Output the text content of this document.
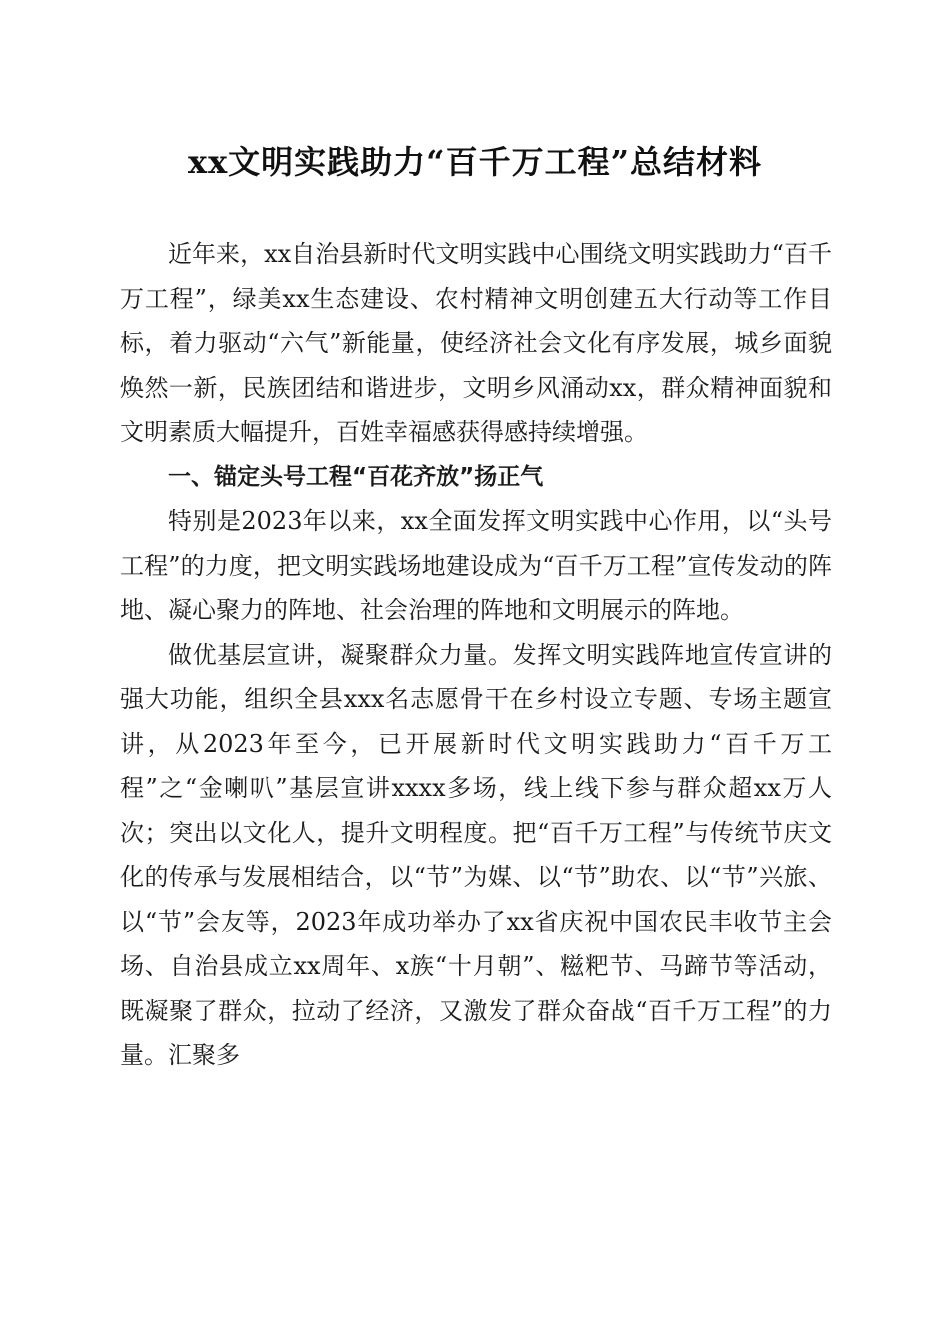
xx文明实践助力“百千万工程”总结材料

近年来，xx自治县新时代文明实践中心围绕文明实践助力“百千万工程”，绿美xx生态建设、农村精神文明创建五大行动等工作目标，着力驱动“六气”新能量，使经济社会文化有序发展，城乡面貌焕然一新，民族团结和谐进步，文明乡风涌动xx，群众精神面貌和文明素质大幅提升，百姓幸福感获得感持续增强。

一、锚定头号工程“百花齐放”扬正气

特别是2023年以来，xx全面发挥文明实践中心作用，以“头号工程”的力度，把文明实践场地建设成为“百千万工程”宣传发动的阵地、凝心聚力的阵地、社会治理的阵地和文明展示的阵地。

做优基层宣讲，凝聚群众力量。发挥文明实践阵地宣传宣讲的强大功能，组织全县xxx名志愿骨干在乡村设立专题、专场主题宣讲，从2023年至今，已开展新时代文明实践助力“百千万工程”之“金喇叭”基层宣讲xxxx多场，线上线下参与群众超xx万人次；突出以文化人，提升文明程度。把“百千万工程”与传统节庆文化的传承与发展相结合，以“节”为媒、以“节”助农、以“节”兴旅、以“节”会友等，2023年成功举办了xx省庆祝中国农民丰收节主会场、自治县成立xx周年、x族“十月朝”、糍粑节、马蹄节等活动，既凝聚了群众，拉动了经济，又激发了群众奋战“百千万工程”的力量。汇聚多
